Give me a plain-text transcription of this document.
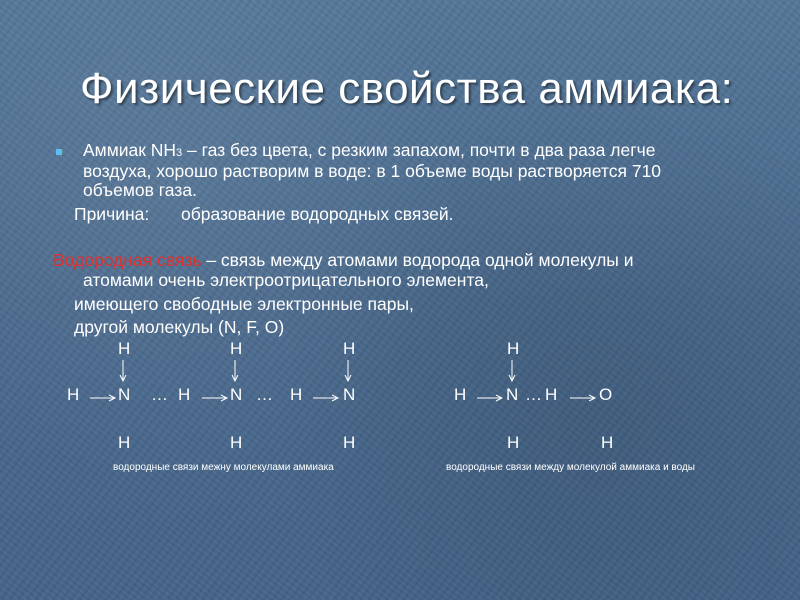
Физические свойства аммиака:
Аммиак NH3 – газ без цвета, с резким запахом, почти в два раза легче
воздуха, хорошо растворим в воде: в 1 объеме воды растворяется 710
объемов газа.
Причина: образование водородных связей.
Водородная связь – связь между атомами водорода одной молекулы и
атомами очень электроотрицательного элемента,
имеющего свободные электронные пары,
другой молекулы (N, F, O)
H	H	H	H
H N … H N … H N	H N … H O
H	H	H	H	H
водородные связи межну молекулами аммиака	водородные связи между молекулой аммиака и воды
